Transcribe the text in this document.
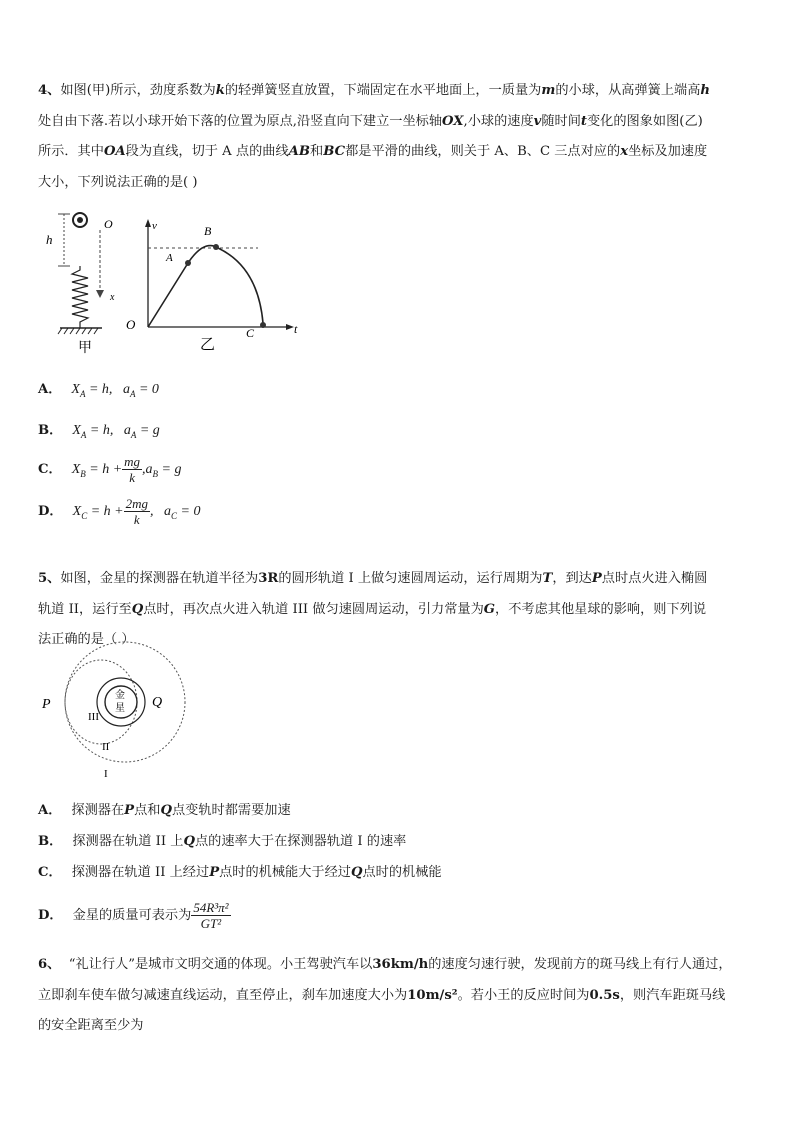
4、如图(甲)所示，劲度系数为k的轻弹簧竖直放置，下端固定在水平地面上，一质量为m的小球，从高弹簧上端高h

处自由下落.若以小球开始下落的位置为原点,沿竖直向下建立一坐标轴OX,小球的速度v随时间t变化的图象如图(乙)

所示．其中OA段为直线，切于 A 点的曲线AB和BC都是平滑的曲线，则关于 A、B、C 三点对应的x坐标及加速度

大小，下列说法正确的是( )

h
O
x
甲
v
O	t
B
A
C
乙
A． $X_A = h$, $a_A = 0$
B． $X_A = h$, $a_A = g$
C． $X_B = h + \frac{mg}{k} ,a_B = g$
D． $X_C = h + \frac{2mg}{k}$ ,   $a_C = 0$

5、如图，金星的探测器在轨道半径为3R的圆形轨道 I 上做匀速圆周运动，运行周期为T，到达P点时点火进入椭圆

轨道 II，运行至Q点时，再次点火进入轨道 III 做匀速圆周运动，引力常量为G，不考虑其他星球的影响，则下列说

法正确的是（ ）

金
星
P	Q
III
II
I
A． 探测器在P点和Q点变轨时都需要加速
B． 探测器在轨道 II 上Q点的速率大于在探测器轨道 I 的速率
C． 探测器在轨道 II 上经过P点时的机械能大于经过Q点时的机械能
D． 金星的质量可表示为 $\frac{\text{54R³π²}}{\text{GT²}}$

6、 “礼让行人”是城市文明交通的体现。小王驾驶汽车以36km/h的速度匀速行驶，发现前方的斑马线上有行人通过，

立即刹车使车做匀减速直线运动，直至停止，刹车加速度大小为10m/s²。若小王的反应时间为0.5s，则汽车距斑马线

的安全距离至少为
